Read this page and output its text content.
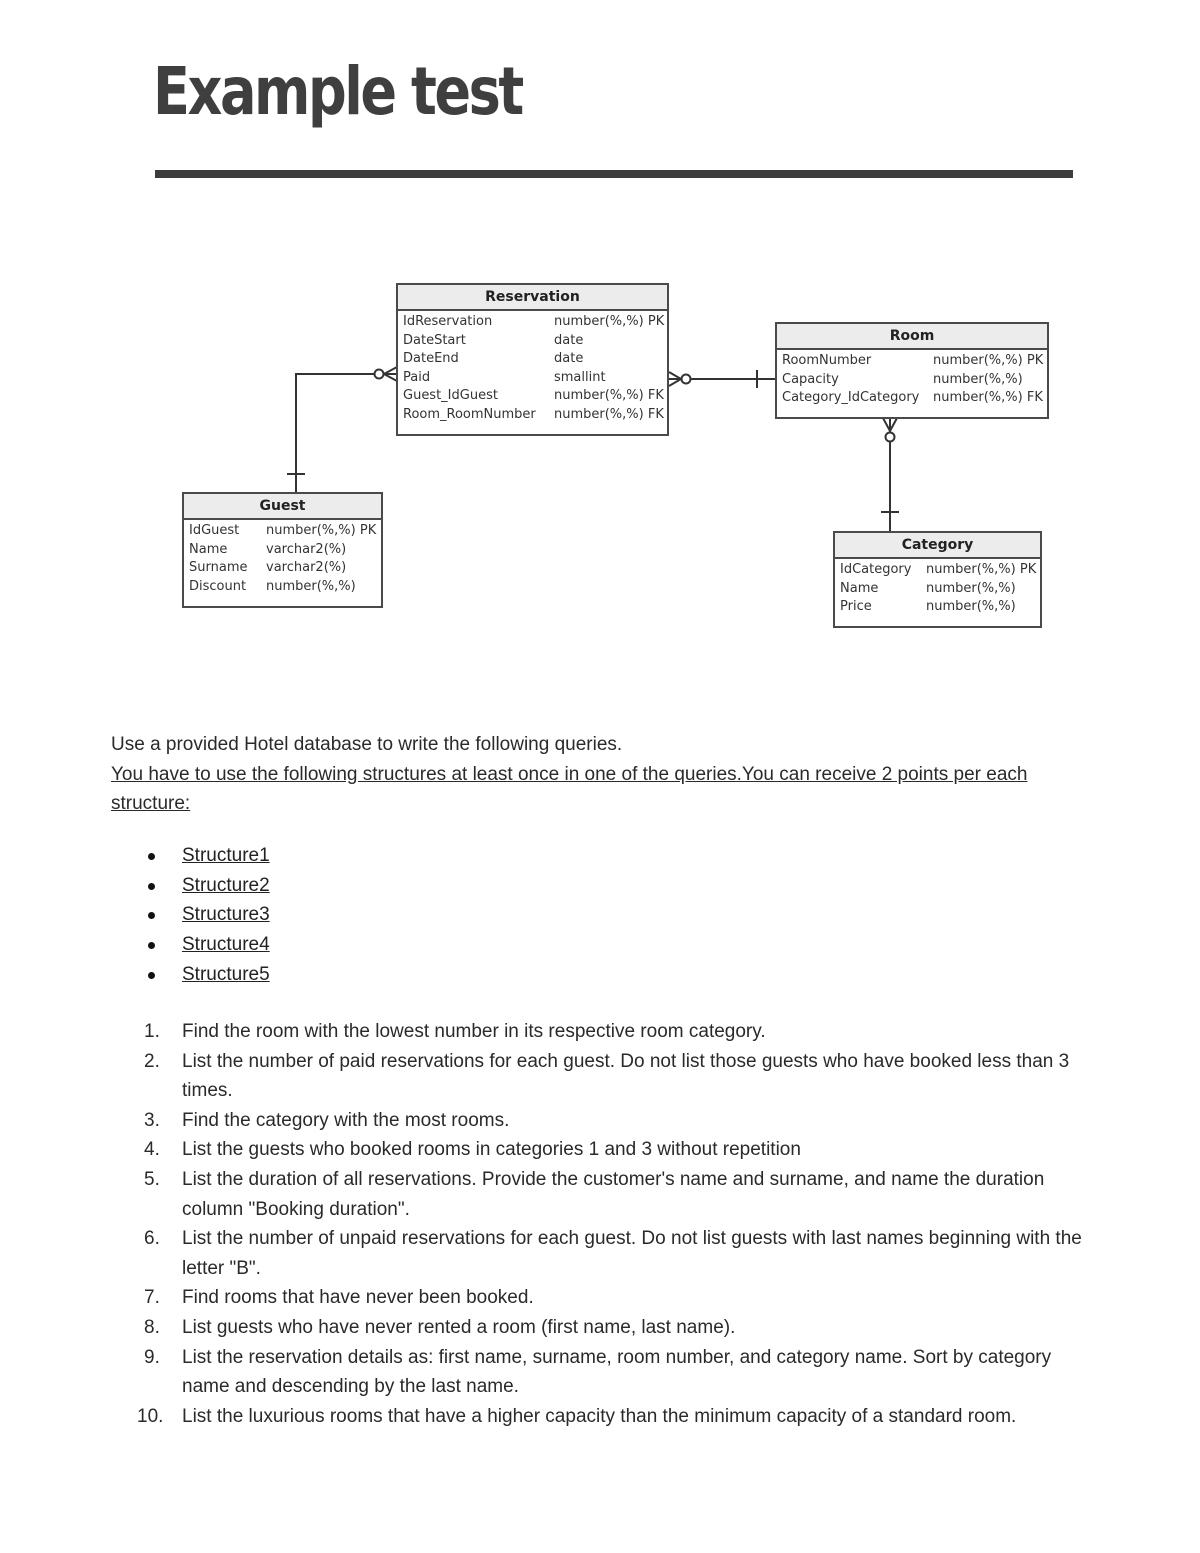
Example test
Reservation
IdReservation	number(%,%) PK
DateStart	date
DateEnd	date
Paid	smallint
Guest_IdGuest	number(%,%) FK
Room_RoomNumber	number(%,%) FK
Room
RoomNumber	number(%,%) PK
Capacity	number(%,%)
Category_IdCategory	number(%,%) FK
Guest
IdGuest	number(%,%) PK
Name	varchar2(%)
Surname	varchar2(%)
Discount	number(%,%)
Category
IdCategory	number(%,%) PK
Name	number(%,%)
Price	number(%,%)

Use a provided Hotel database to write the following queries.

You have to use the following structures at least once in one of the queries.You can receive 2 points per each structure:

Structure1
Structure2
Structure3
Structure4
Structure5
1. Find the room with the lowest number in its respective room category.
2. List the number of paid reservations for each guest. Do not list those guests who have booked less than 3 times.
3. Find the category with the most rooms.
4. List the guests who booked rooms in categories 1 and 3 without repetition
5. List the duration of all reservations. Provide the customer's name and surname, and name the duration column "Booking duration".
6. List the number of unpaid reservations for each guest. Do not list guests with last names beginning with the letter "B".
7. Find rooms that have never been booked.
8. List guests who have never rented a room (first name, last name).
9. List the reservation details as: first name, surname, room number, and category name. Sort by category name and descending by the last name.
10. List the luxurious rooms that have a higher capacity than the minimum capacity of a standard room.
